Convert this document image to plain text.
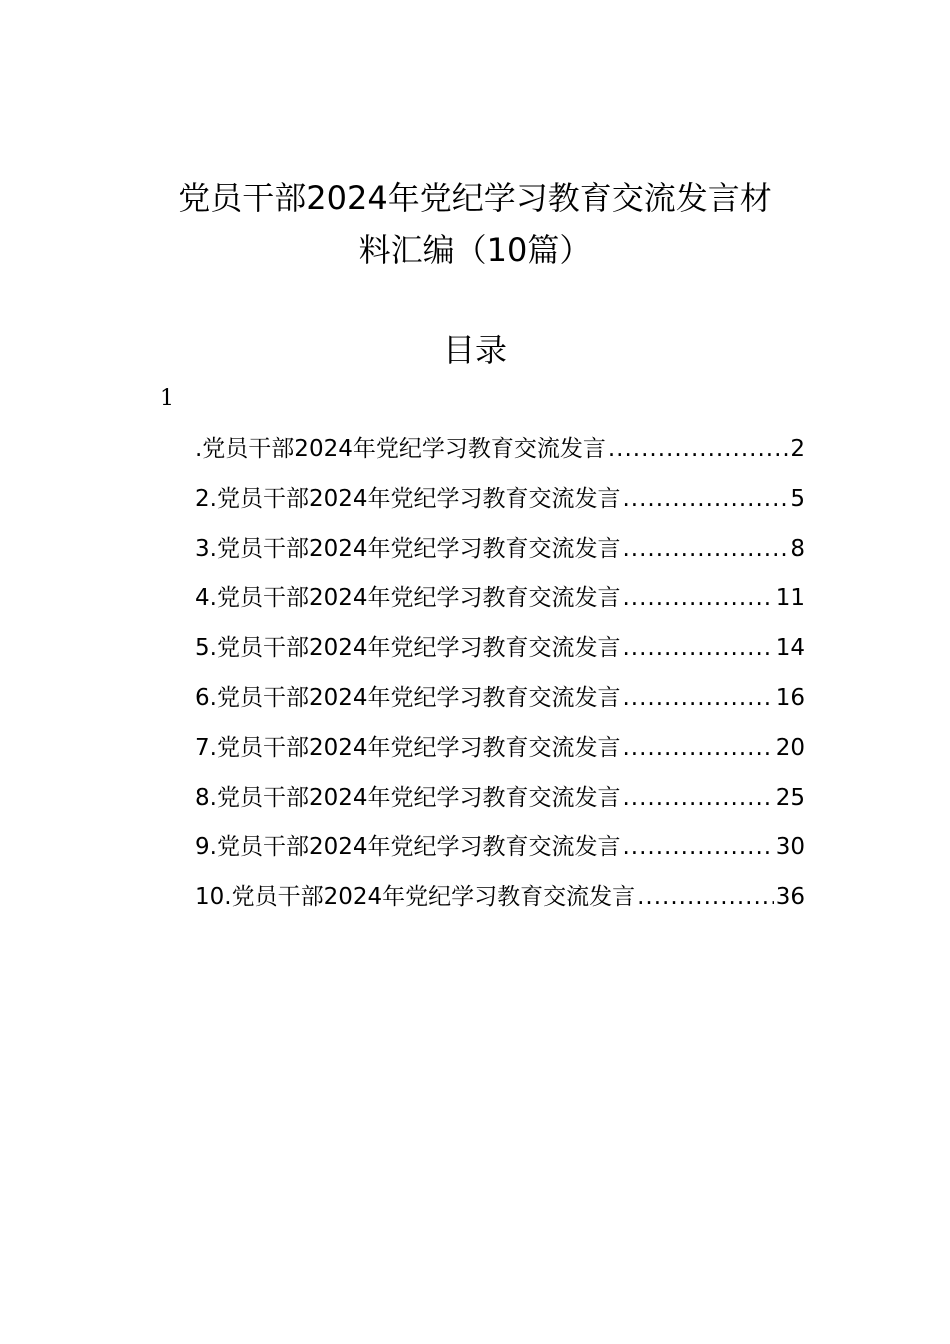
党员干部2024年党纪学习教育交流发言材
料汇编（10篇）
目录
1
.党员干部2024年党纪学习教育交流发言 .....	2
2.党员干部2024年党纪学习教育交流发言 .....	5
3.党员干部2024年党纪学习教育交流发言 .....	8
4.党员干部2024年党纪学习教育交流发言 .....	11
5.党员干部2024年党纪学习教育交流发言 .....	14
6.党员干部2024年党纪学习教育交流发言 .....	16
7.党员干部2024年党纪学习教育交流发言 .....	20
8.党员干部2024年党纪学习教育交流发言 .....	25
9.党员干部2024年党纪学习教育交流发言 .....	30
10.党员干部2024年党纪学习教育交流发言 .....	36
